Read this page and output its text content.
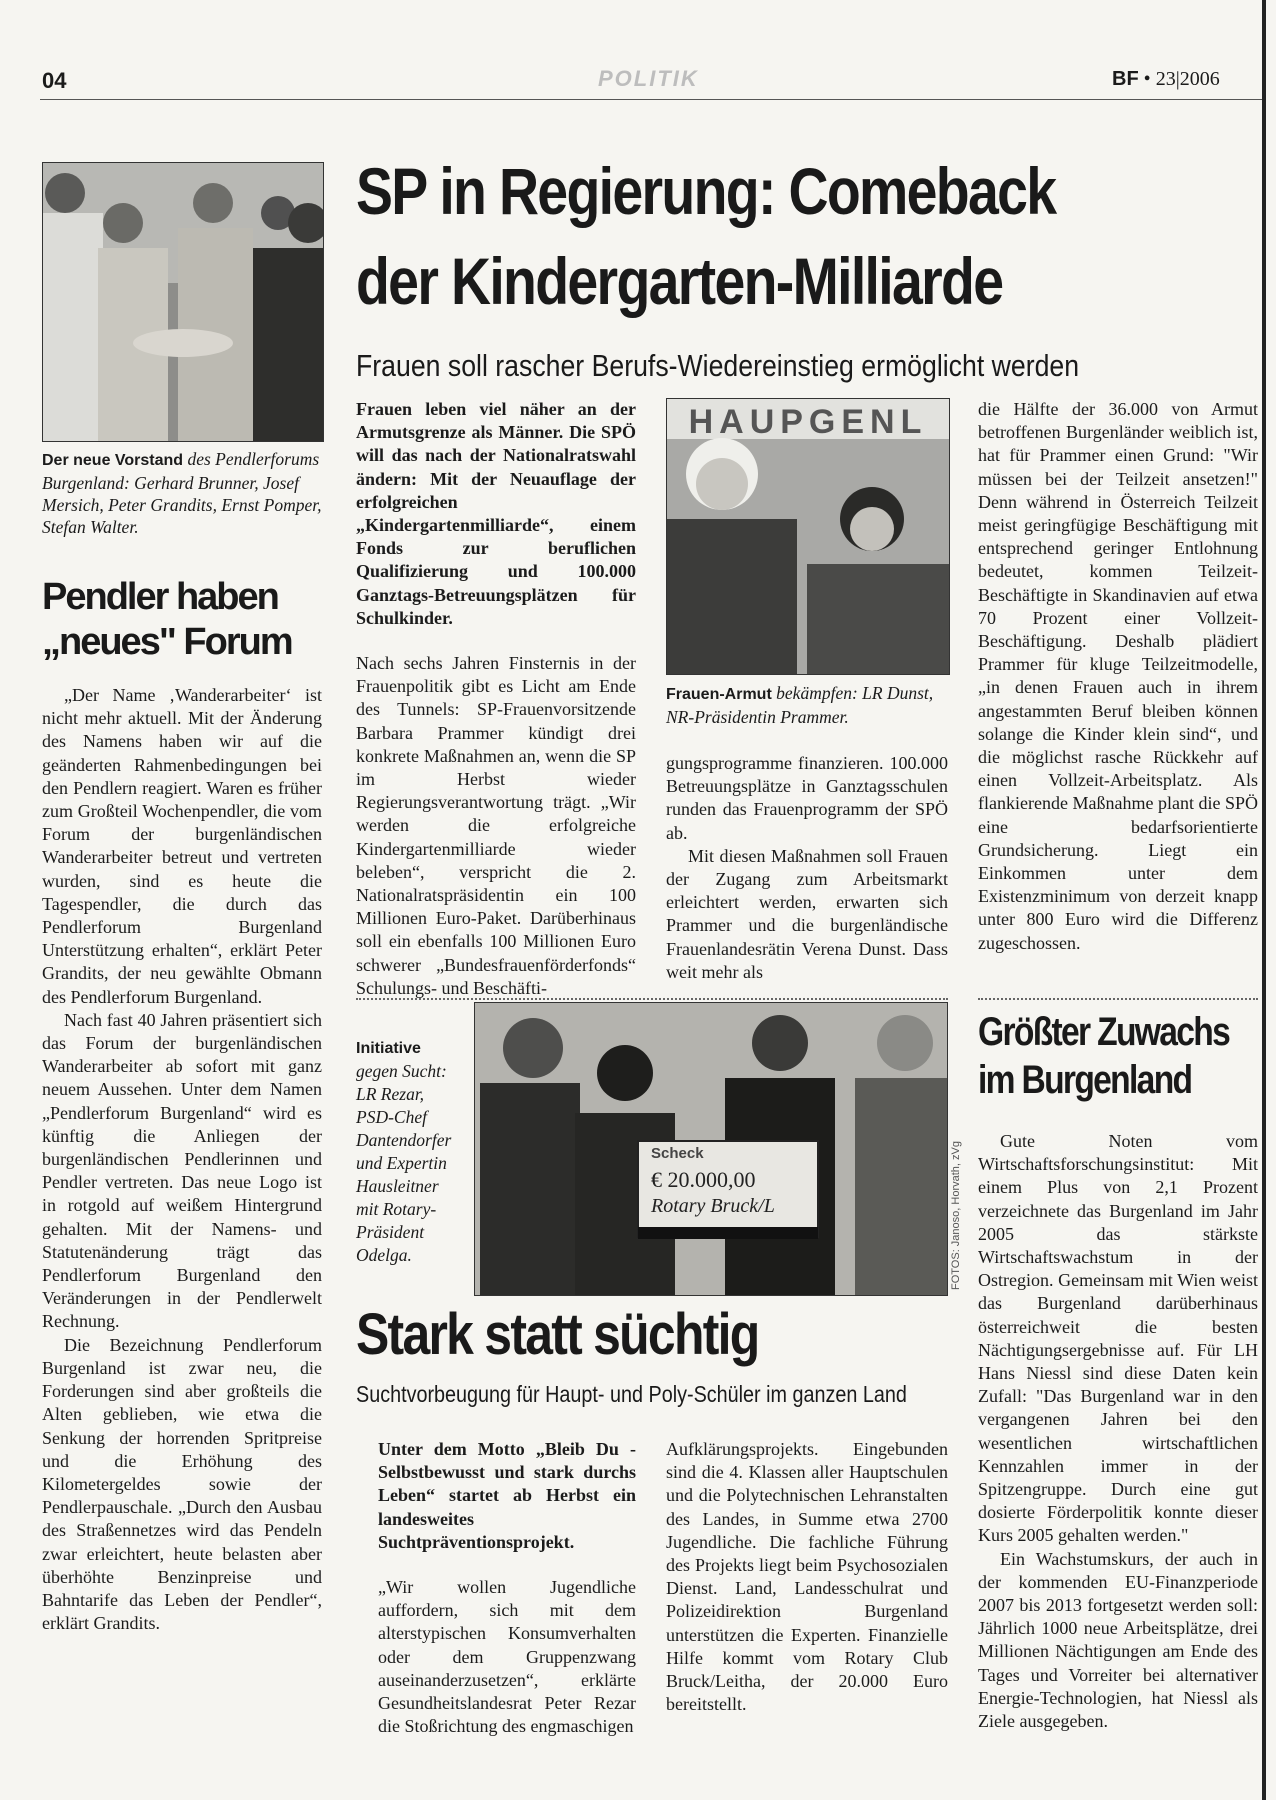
04	POLITIK	BF • 23|2006
Der neue Vorstand des Pendlerforums Burgenland: Gerhard Brunner, Josef Mersich, Peter Grandits, Ernst Pomper, Stefan Walter.
Pendler haben
„neues" Forum

„Der Name ‚Wanderarbeiter‘ ist nicht mehr aktuell. Mit der Änderung des Namens haben wir auf die geänderten Rahmenbedingungen bei den Pendlern reagiert. Waren es früher zum Großteil Wochenpendler, die vom Forum der burgenländischen Wanderarbeiter betreut und vertreten wurden, sind es heute die Tagespendler, die durch das Pendlerforum Burgenland Unterstützung erhalten“, erklärt Peter Grandits, der neu gewählte Obmann des Pendlerforum Burgenland.

Nach fast 40 Jahren präsentiert sich das Forum der burgenländischen Wanderarbeiter ab sofort mit ganz neuem Aussehen. Unter dem Namen „Pendlerforum Burgenland“ wird es künftig die Anliegen der burgenländischen Pendlerinnen und Pendler vertreten. Das neue Logo ist in rotgold auf weißem Hintergrund gehalten. Mit der Namens- und Statutenänderung trägt das Pendlerforum Burgenland den Veränderungen in der Pendlerwelt Rechnung.

Die Bezeichnung Pendlerforum Burgenland ist zwar neu, die Forderungen sind aber großteils die Alten geblieben, wie etwa die Senkung der horrenden Spritpreise und die Erhöhung des Kilometergeldes sowie der Pendlerpauschale. „Durch den Ausbau des Straßennetzes wird das Pendeln zwar erleichtert, heute belasten aber überhöhte Benzinpreise und Bahntarife das Leben der Pendler“, erklärt Grandits.

SP in Regierung: Comeback
der Kindergarten-Milliarde
Frauen soll rascher Berufs-Wiedereinstieg ermöglicht werden

Frauen leben viel näher an der Armutsgrenze als Männer. Die SPÖ will das nach der Nationalratswahl ändern: Mit der Neuauflage der erfolgreichen „Kindergartenmilliarde“, einem Fonds zur beruflichen Qualifizierung und 100.000 Ganztags-Betreuungsplätzen für Schulkinder.

Nach sechs Jahren Finsternis in der Frauenpolitik gibt es Licht am Ende des Tunnels: SP-Frauenvorsitzende Barbara Prammer kündigt drei konkrete Maßnahmen an, wenn die SP im Herbst wieder Regierungsverantwortung trägt. „Wir werden die erfolgreiche Kindergartenmilliarde wieder beleben“, verspricht die 2. Nationalratspräsidentin ein 100 Millionen Euro-Paket. Darüberhinaus soll ein ebenfalls 100 Millionen Euro schwerer „Bundesfrauenförderfonds“ Schulungs- und Beschäfti-

HAUPGENL
Frauen-Armut bekämpfen: LR Dunst, NR-Präsidentin Prammer.

gungsprogramme finanzieren. 100.000 Betreuungsplätze in Ganztagsschulen runden das Frauenprogramm der SPÖ ab.

Mit diesen Maßnahmen soll Frauen der Zugang zum Arbeitsmarkt erleichtert werden, erwarten sich Prammer und die burgenländische Frauenlandesrätin Verena Dunst. Dass weit mehr als

die Hälfte der 36.000 von Armut betroffenen Burgenländer weiblich ist, hat für Prammer einen Grund: "Wir müssen bei der Teilzeit ansetzen!" Denn während in Österreich Teilzeit meist geringfügige Beschäftigung mit entsprechend geringer Entlohnung bedeutet, kommen Teilzeit-Beschäftigte in Skandinavien auf etwa 70 Prozent einer Vollzeit-Beschäftigung. Deshalb plädiert Prammer für kluge Teilzeitmodelle, „in denen Frauen auch in ihrem angestammten Beruf bleiben können solange die Kinder klein sind“, und die möglichst rasche Rückkehr auf einen Vollzeit-Arbeitsplatz. Als flankierende Maßnahme plant die SPÖ eine bedarfsorientierte Grundsicherung. Liegt ein Einkommen unter dem Existenzminimum von derzeit knapp unter 800 Euro wird die Differenz zugeschossen.

Initiative gegen Sucht: LR Rezar, PSD-Chef Dantendorfer und Expertin Hausleitner mit Rotary-Präsident Odelga.
Scheck
€ 20.000,00
Rotary Bruck/L	FOTOS: Janoso, Horvath, zVg
Stark statt süchtig
Suchtvorbeugung für Haupt- und Poly-Schüler im ganzen Land

Unter dem Motto „Bleib Du - Selbstbewusst und stark durchs Leben“ startet ab Herbst ein landesweites Suchtpräventionsprojekt.

„Wir wollen Jugendliche auffordern, sich mit dem alterstypischen Konsumverhalten oder dem Gruppenzwang auseinanderzusetzen“, erklärte Gesundheitslandesrat Peter Rezar die Stoßrichtung des engmaschigen

Aufklärungsprojekts. Eingebunden sind die 4. Klassen aller Hauptschulen und die Polytechnischen Lehranstalten des Landes, in Summe etwa 2700 Jugendliche. Die fachliche Führung des Projekts liegt beim Psychosozialen Dienst. Land, Landesschulrat und Polizeidirektion Burgenland unterstützen die Experten. Finanzielle Hilfe kommt vom Rotary Club Bruck/Leitha, der 20.000 Euro bereitstellt.

Größter Zuwachs
im Burgenland

Gute Noten vom Wirtschaftsforschungsinstitut: Mit einem Plus von 2,1 Prozent verzeichnete das Burgenland im Jahr 2005 das stärkste Wirtschaftswachstum in der Ostregion. Gemeinsam mit Wien weist das Burgenland darüberhinaus österreichweit die besten Nächtigungsergebnisse auf. Für LH Hans Niessl sind diese Daten kein Zufall: "Das Burgenland war in den vergangenen Jahren bei den wesentlichen wirtschaftlichen Kennzahlen immer in der Spitzengruppe. Durch eine gut dosierte Förderpolitik konnte dieser Kurs 2005 gehalten werden."

Ein Wachstumskurs, der auch in der kommenden EU-Finanzperiode 2007 bis 2013 fortgesetzt werden soll: Jährlich 1000 neue Arbeitsplätze, drei Millionen Nächtigungen am Ende des Tages und Vorreiter bei alternativer Energie-Technologien, hat Niessl als Ziele ausgegeben.
